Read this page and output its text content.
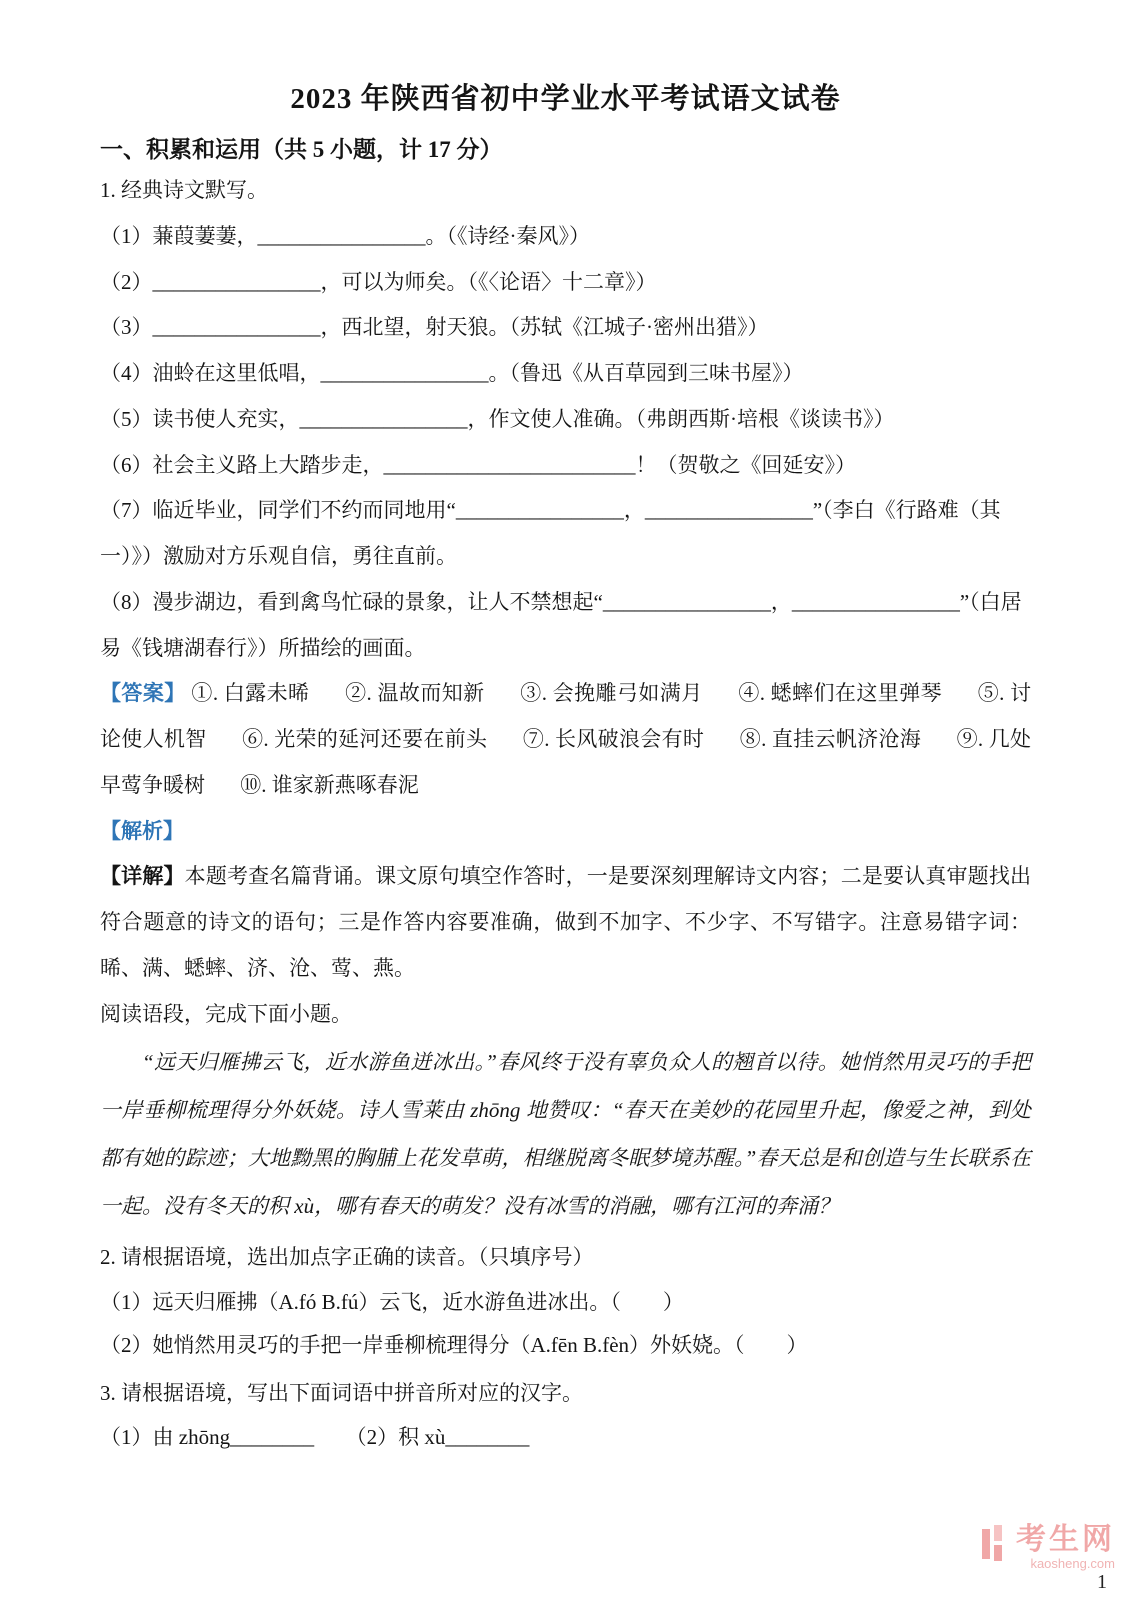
2023 年陕西省初中学业水平考试语文试卷
一、积累和运用（共 5 小题，计 17 分）

1. 经典诗文默写。

（1）蒹葭萋萋，________________。（《诗经·秦风》）

（2）________________，可以为师矣。（《〈论语〉十二章》）

（3）________________，西北望，射天狼。（苏轼《江城子·密州出猎》）

（4）油蛉在这里低唱，________________。（鲁迅《从百草园到三味书屋》）

（5）读书使人充实，________________，作文使人准确。（弗朗西斯·培根《谈读书》）

（6）社会主义路上大踏步走，________________________！（贺敬之《回延安》）

（7）临近毕业，同学们不约而同地用“________________，________________”（李白《行路难（其一）》）激励对方乐观自信，勇往直前。

（8）漫步湖边，看到禽鸟忙碌的景象，让人不禁想起“________________，________________”（白居易《钱塘湖春行》）所描绘的画面。

【答案】 ①. 白露未晞 ②. 温故而知新 ③. 会挽雕弓如满月 ④. 蟋蟀们在这里弹琴 ⑤. 讨论使人机智 ⑥. 光荣的延河还要在前头 ⑦. 长风破浪会有时 ⑧. 直挂云帆济沧海 ⑨. 几处早莺争暖树 ⑩. 谁家新燕啄春泥

【解析】

【详解】本题考查名篇背诵。课文原句填空作答时，一是要深刻理解诗文内容；二是要认真审题找出符合题意的诗文的语句；三是作答内容要准确，做到不加字、不少字、不写错字。注意易错字词：晞、满、蟋蟀、济、沧、莺、燕。

阅读语段，完成下面小题。

“远天归雁拂云飞，近水游鱼迸冰出。”春风终于没有辜负众人的翘首以待。她悄然用灵巧的手把一岸垂柳梳理得分外妖娆。诗人雪莱由 zhōng 地赞叹：“春天在美妙的花园里升起，像爱之神，到处都有她的踪迹；大地黝黑的胸脯上花发草萌，相继脱离冬眠梦境苏醒。”春天总是和创造与生长联系在一起。没有冬天的积 xù，哪有春天的萌发？没有冰雪的消融，哪有江河的奔涌？

2. 请根据语境，选出加点字正确的读音。（只填序号）

（1）远天归雁拂（A.fó B.fú）云飞，近水游鱼进冰出。（　　）

（2）她悄然用灵巧的手把一岸垂柳梳理得分（A.fēn B.fèn）外妖娆。（　　）

3. 请根据语境，写出下面词语中拼音所对应的汉字。

（1）由 zhōng________　　（2）积 xù________

考生网
kaosheng.com
1
